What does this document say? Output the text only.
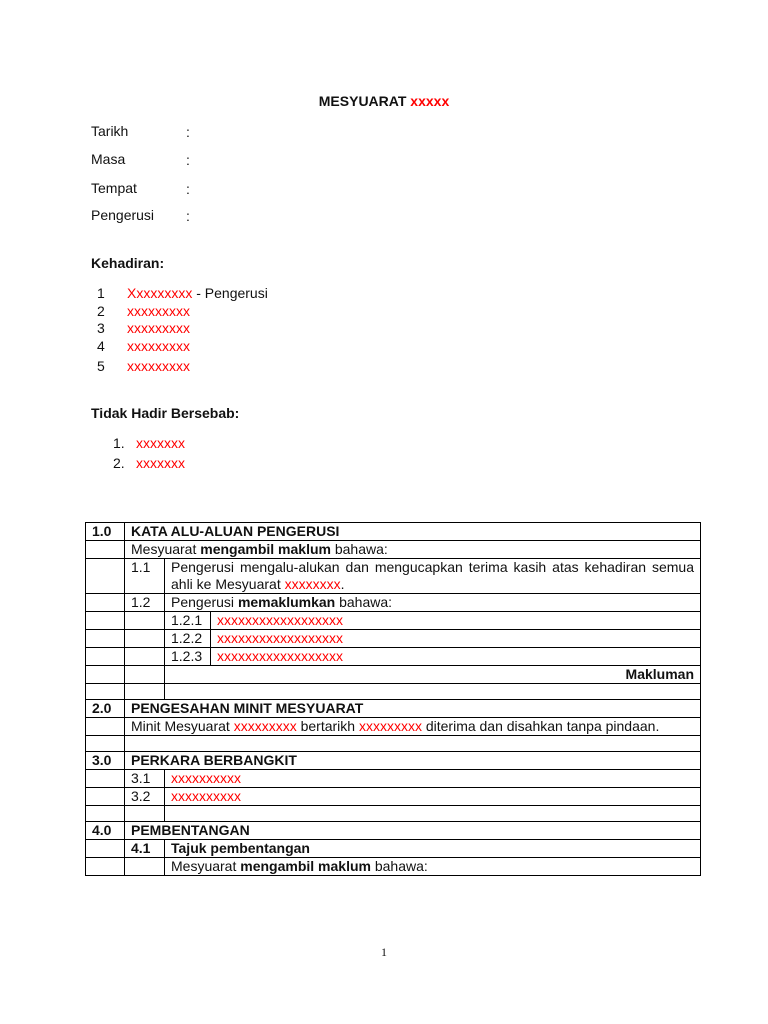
MESYUARAT xxxxx
Tarikh	:
Masa	:
Tempat	:
Pengerusi :
Kehadiran:
1 Xxxxxxxxx - Pengerusi
2 xxxxxxxxx
3 xxxxxxxxx
4 xxxxxxxxx
5 xxxxxxxxx
Tidak Hadir Bersebab:
1. xxxxxxx
2. xxxxxxx
1.0	KATA ALU-ALUAN PENGERUSI		
	Mesyuarat mengambil maklum bahawa:		
	1.1	Pengerusi mengalu-alukan dan mengucapkan terima kasih atas kehadiran semua ahli ke Mesyuarat xxxxxxxx.	
	1.2	Pengerusi memaklumkan bahawa:	
		1.2.1	xxxxxxxxxxxxxxxxxx
		1.2.2	xxxxxxxxxxxxxxxxxx
		1.2.3	xxxxxxxxxxxxxxxxxx
		Makluman	

2.0	PENGESAHAN MINIT MESYUARAT		
	Minit Mesyuarat xxxxxxxxx bertarikh xxxxxxxxx diterima dan disahkan tanpa pindaan.		

3.0	PERKARA BERBANGKIT		
	3.1	xxxxxxxxxx	
	3.2	xxxxxxxxxx	

4.0	PEMBENTANGAN		
	4.1	Tajuk pembentangan	
		Mesyuarat mengambil maklum bahawa:	
1
